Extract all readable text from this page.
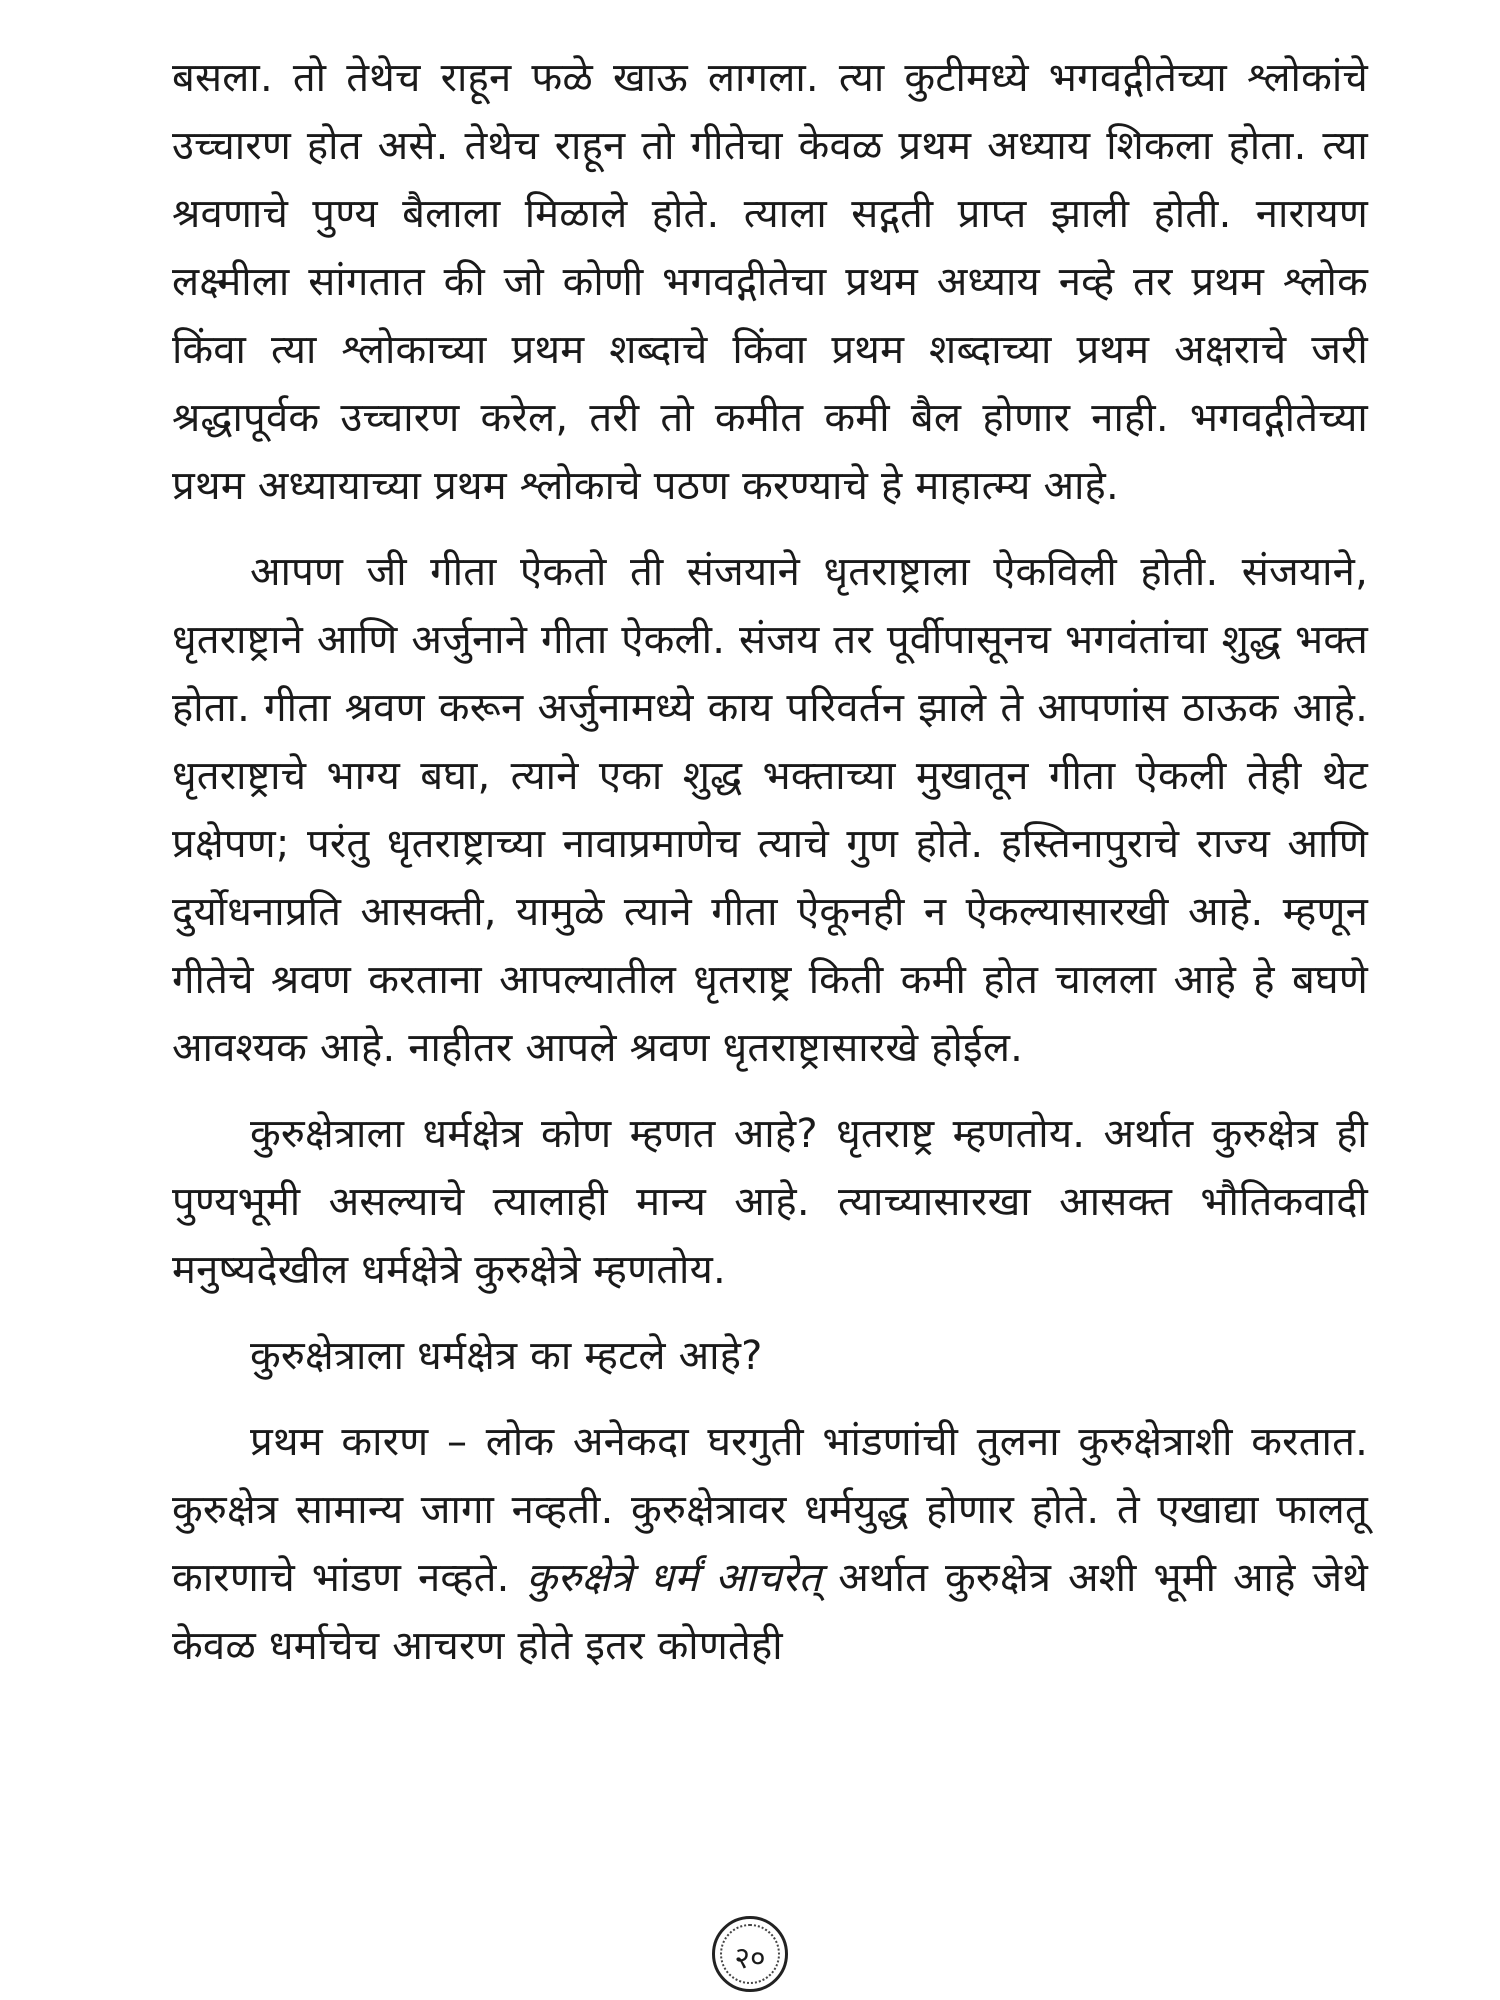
बसला. तो तेथेच राहून फळे खाऊ लागला. त्या कुटीमध्ये भगवद्गीतेच्या श्लोकांचे उच्चारण होत असे. तेथेच राहून तो गीतेचा केवळ प्रथम अध्याय शिकला होता. त्या श्रवणाचे पुण्य बैलाला मिळाले होते. त्याला सद्गती प्राप्त झाली होती. नारायण लक्ष्मीला सांगतात की जो कोणी भगवद्गीतेचा प्रथम अध्याय नव्हे तर प्रथम श्लोक किंवा त्या श्लोकाच्या प्रथम शब्दाचे किंवा प्रथम शब्दाच्या प्रथम अक्षराचे जरी श्रद्धापूर्वक उच्चारण करेल, तरी तो कमीत कमी बैल होणार नाही. भगवद्गीतेच्या प्रथम अध्यायाच्या प्रथम श्लोकाचे पठण करण्याचे हे माहात्म्य आहे.

आपण जी गीता ऐकतो ती संजयाने धृतराष्ट्राला ऐकविली होती. संजयाने, धृतराष्ट्राने आणि अर्जुनाने गीता ऐकली. संजय तर पूर्वीपासूनच भगवंतांचा शुद्ध भक्त होता. गीता श्रवण करून अर्जुनामध्ये काय परिवर्तन झाले ते आपणांस ठाऊक आहे. धृतराष्ट्राचे भाग्य बघा, त्याने एका शुद्ध भक्ताच्या मुखातून गीता ऐकली तेही थेट प्रक्षेपण; परंतु धृतराष्ट्राच्या नावाप्रमाणेच त्याचे गुण होते. हस्तिनापुराचे राज्य आणि दुर्योधनाप्रति आसक्ती, यामुळे त्याने गीता ऐकूनही न ऐकल्यासारखी आहे. म्हणून गीतेचे श्रवण करताना आपल्यातील धृतराष्ट्र किती कमी होत चालला आहे हे बघणे आवश्यक आहे. नाहीतर आपले श्रवण धृतराष्ट्रासारखे होईल.

कुरुक्षेत्राला धर्मक्षेत्र कोण म्हणत आहे? धृतराष्ट्र म्हणतोय. अर्थात कुरुक्षेत्र ही पुण्यभूमी असल्याचे त्यालाही मान्य आहे. त्याच्यासारखा आसक्त भौतिकवादी मनुष्यदेखील धर्मक्षेत्रे कुरुक्षेत्रे म्हणतोय.

कुरुक्षेत्राला धर्मक्षेत्र का म्हटले आहे?

प्रथम कारण – लोक अनेकदा घरगुती भांडणांची तुलना कुरुक्षेत्राशी करतात. कुरुक्षेत्र सामान्य जागा नव्हती. कुरुक्षेत्रावर धर्मयुद्ध होणार होते. ते एखाद्या फालतू कारणाचे भांडण नव्हते. कुरुक्षेत्रे धर्मं आचरेत् अर्थात कुरुक्षेत्र अशी भूमी आहे जेथे केवळ धर्माचेच आचरण होते इतर कोणतेही

२०
